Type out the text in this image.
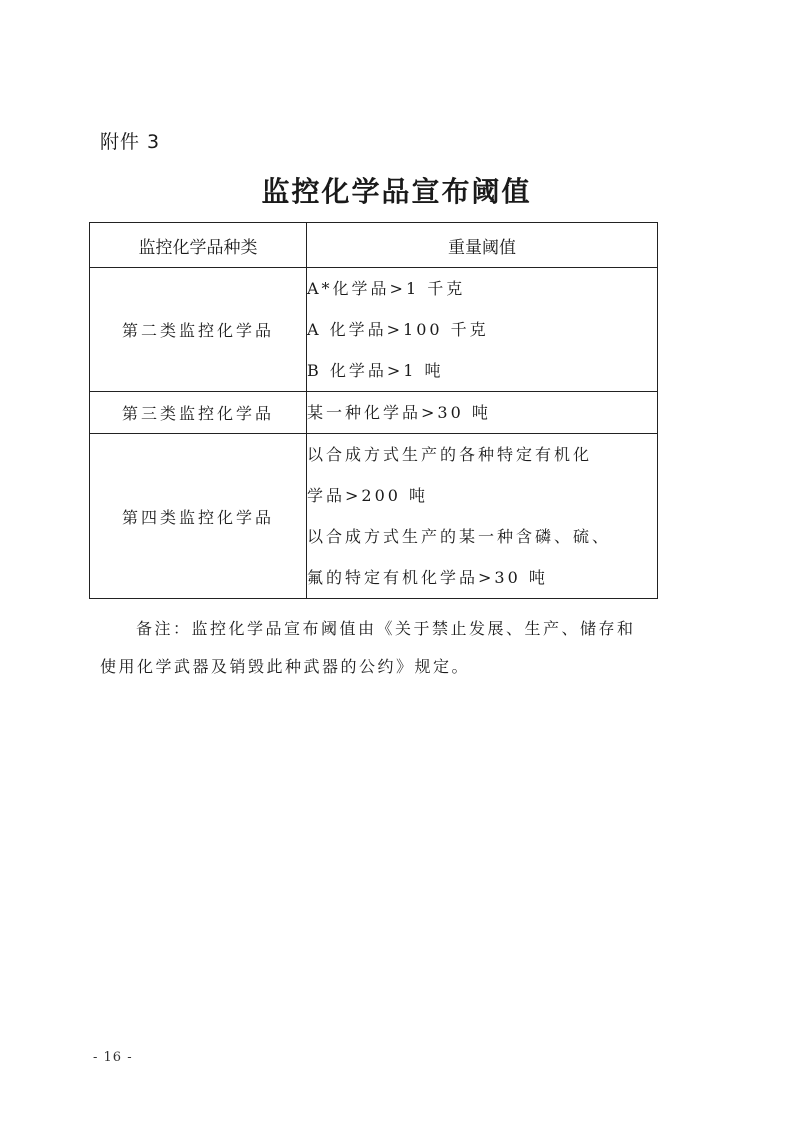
附件 3
监控化学品宣布阈值
监控化学品种类	重量阈值
第二类监控化学品	A*化学品>1 千克
A 化学品>100 千克
B 化学品>1 吨

第三类监控化学品	某一种化学品>30 吨

第四类监控化学品	以合成方式生产的各种特定有机化
学品>200 吨
以合成方式生产的某一种含磷、硫、
氟的特定有机化学品>30 吨
备注：监控化学品宣布阈值由《关于禁止发展、生产、储存和
使用化学武器及销毁此种武器的公约》规定。
- 16 -
